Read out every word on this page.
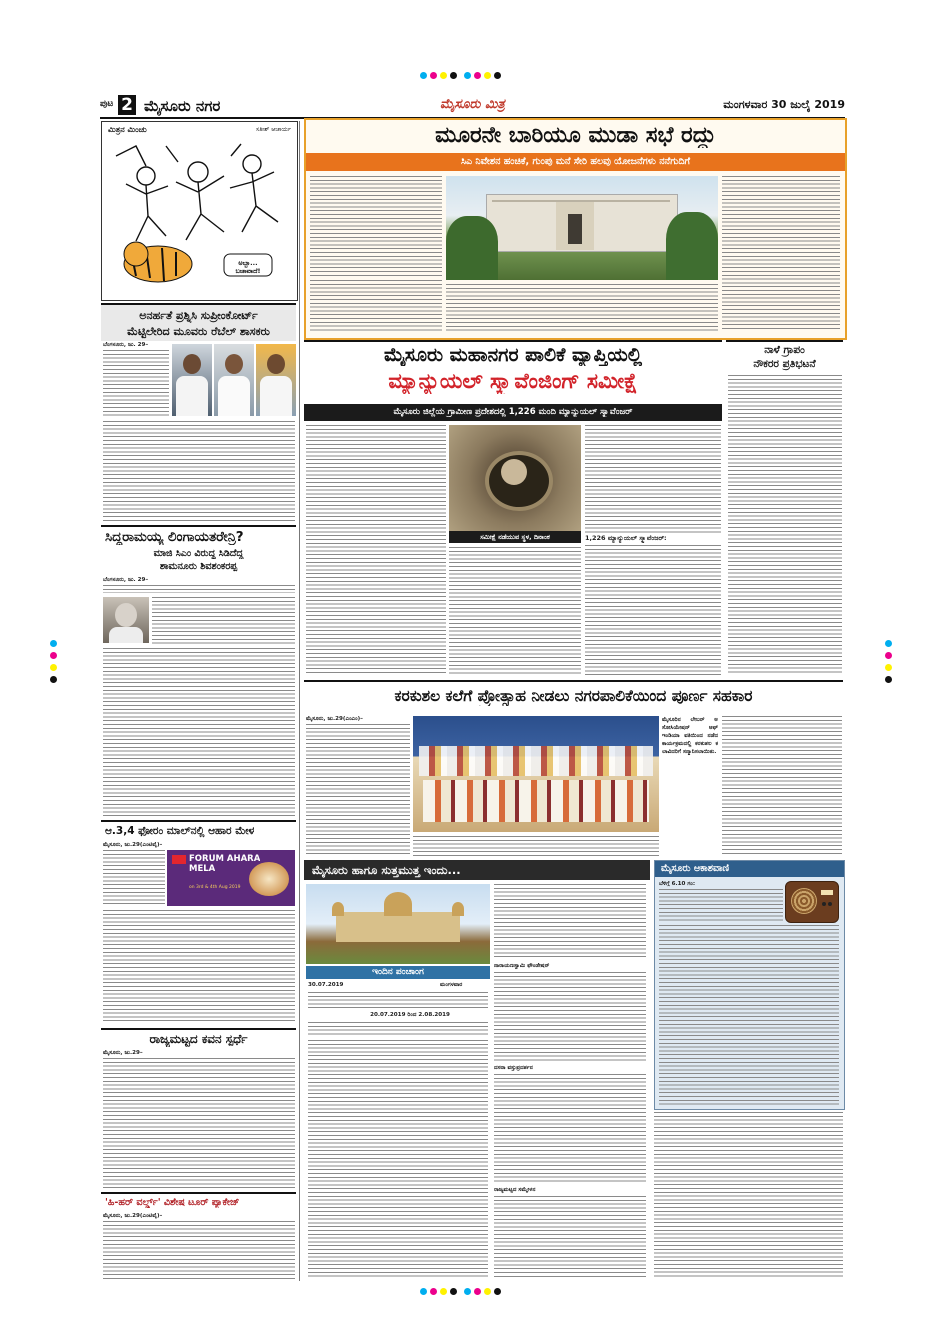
ಪುಟ 2 ಮೈಸೂರು ನಗರ	ಮೈಸೂರು ಮಿತ್ರ	ಮಂಗಳವಾರ 30 ಜುಲೈ 2019
ಮಿತ್ರನ ಮಿಂಚು	ಸತೀಶ್ ಆಚಾರ್ಯ
ಅಬ್ಬಾ... ಬಚಾವಾದೆ!
ಅನರ್ಹತೆ ಪ್ರಶ್ನಿಸಿ ಸುಪ್ರೀಂಕೋರ್ಟ್
ಮೆಟ್ಟಿಲೇರಿದ ಮೂವರು ರೆಬೆಲ್ ಶಾಸಕರು
ಬೆಂಗಳೂರು, ಜು. 29–
ಸಿದ್ದರಾಮಯ್ಯ ಲಿಂಗಾಯತರೇನ್ರಿ?
ಮಾಜಿ ಸಿಎಂ ವಿರುದ್ಧ ಸಿಡಿದೆದ್ದ
ಶಾಮನೂರು ಶಿವಶಂಕರಪ್ಪ
ಬೆಂಗಳೂರು, ಜು. 29–
ಆ.3,4 ಫೋರಂ ಮಾಲ್‌ನಲ್ಲಿ ಆಹಾರ ಮೇಳ
ಮೈಸೂರು, ಜು.29(ಎಂಟಿವೈ)–
FORUM AHARA
MELA
on 3rd & 4th Aug 2019
ರಾಜ್ಯಮಟ್ಟದ ಕವನ ಸ್ಪರ್ಧೆ
ಮೈಸೂರು, ಜು.29–
'ಹಿ-ಹರ್ ವರ್ಲ್ಡ್' ವಿಶೇಷ ಟೂರ್ ಪ್ಯಾಕೇಜ್
ಮೈಸೂರು, ಜು.29(ಎಂಟಿವೈ)–
ಮೂರನೇ ಬಾರಿಯೂ ಮುಡಾ ಸಭೆ ರದ್ದು
ಸಿಎ ನಿವೇಶನ ಹಂಚಿಕೆ, ಗುಂಪು ಮನೆ ಸೇರಿ ಹಲವು ಯೋಜನೆಗಳು ನನೆಗುದಿಗೆ
ಮೈಸೂರು ಮಹಾನಗರ ಪಾಲಿಕೆ ವ್ಯಾಪ್ತಿಯಲ್ಲಿ
ಮ್ಯಾನ್ಯುಯಲ್ ಸ್ಕ್ಯಾವೆಂಜಿಂಗ್ ಸಮೀಕ್ಷೆ
ಮೈಸೂರು ಜಿಲ್ಲೆಯ ಗ್ರಾಮೀಣ ಪ್ರದೇಶದಲ್ಲಿ 1,226 ಮಂದಿ ಮ್ಯಾನ್ಯುಯಲ್ ಸ್ಕ್ಯಾವೆಂಜರ್
ಸಮೀಕ್ಷೆ ನಡೆಯುವ ಸ್ಥಳ, ದಿನಾಂಕ	1,226 ಮ್ಯಾನ್ಯುಯಲ್ ಸ್ಕ್ಯಾವೆಂಜರ್:
ನಾಳೆ ಗ್ರಾಪಂ
ನೌಕರರ ಪ್ರತಿಭಟನೆ
ಕರಕುಶಲ ಕಲೆಗೆ ಪ್ರೋತ್ಸಾಹ ನೀಡಲು ನಗರಪಾಲಿಕೆಯಿಂದ ಪೂರ್ಣ ಸಹಕಾರ
ಮೈಸೂರು, ಜು.29(ಎಂಎಂ)–	ಮೈಸೂರಿನ ಲೇಬರ್ ಅಸೋಸಿಯೇಷನ್ ಆಫ್ ಇಂಡಿಯಾ ವತಿಯಿಂದ ನಡೆದ ಕಾರ್ಯಕ್ರಮದಲ್ಲಿ ಕರಕುಶಲ ಕಲಾವಿದರಿಗೆ ಸನ್ಮಾನಿಸಲಾಯಿತು.
ಮೈಸೂರು ಹಾಗೂ ಸುತ್ತಮುತ್ತ ಇಂದು...
ಇಂದಿನ ಪಂಚಾಂಗ
30.07.2019	ಮಂಗಳವಾರ
20.07.2019 ರಿಂದ 2.08.2019
ನಾರಾಯಣಸ್ವಾಮಿ ಫೌಂಡೇಷನ್
ದಸರಾ ವಸ್ತುಪ್ರದರ್ಶನ
ರಾಜ್ಯಮಟ್ಟದ ಸಮ್ಮೇಳನ
ಮೈಸೂರು ಆಕಾಶವಾಣಿ
ಬೆಳಿಗ್ಗೆ 6.10 ಗಂ:
